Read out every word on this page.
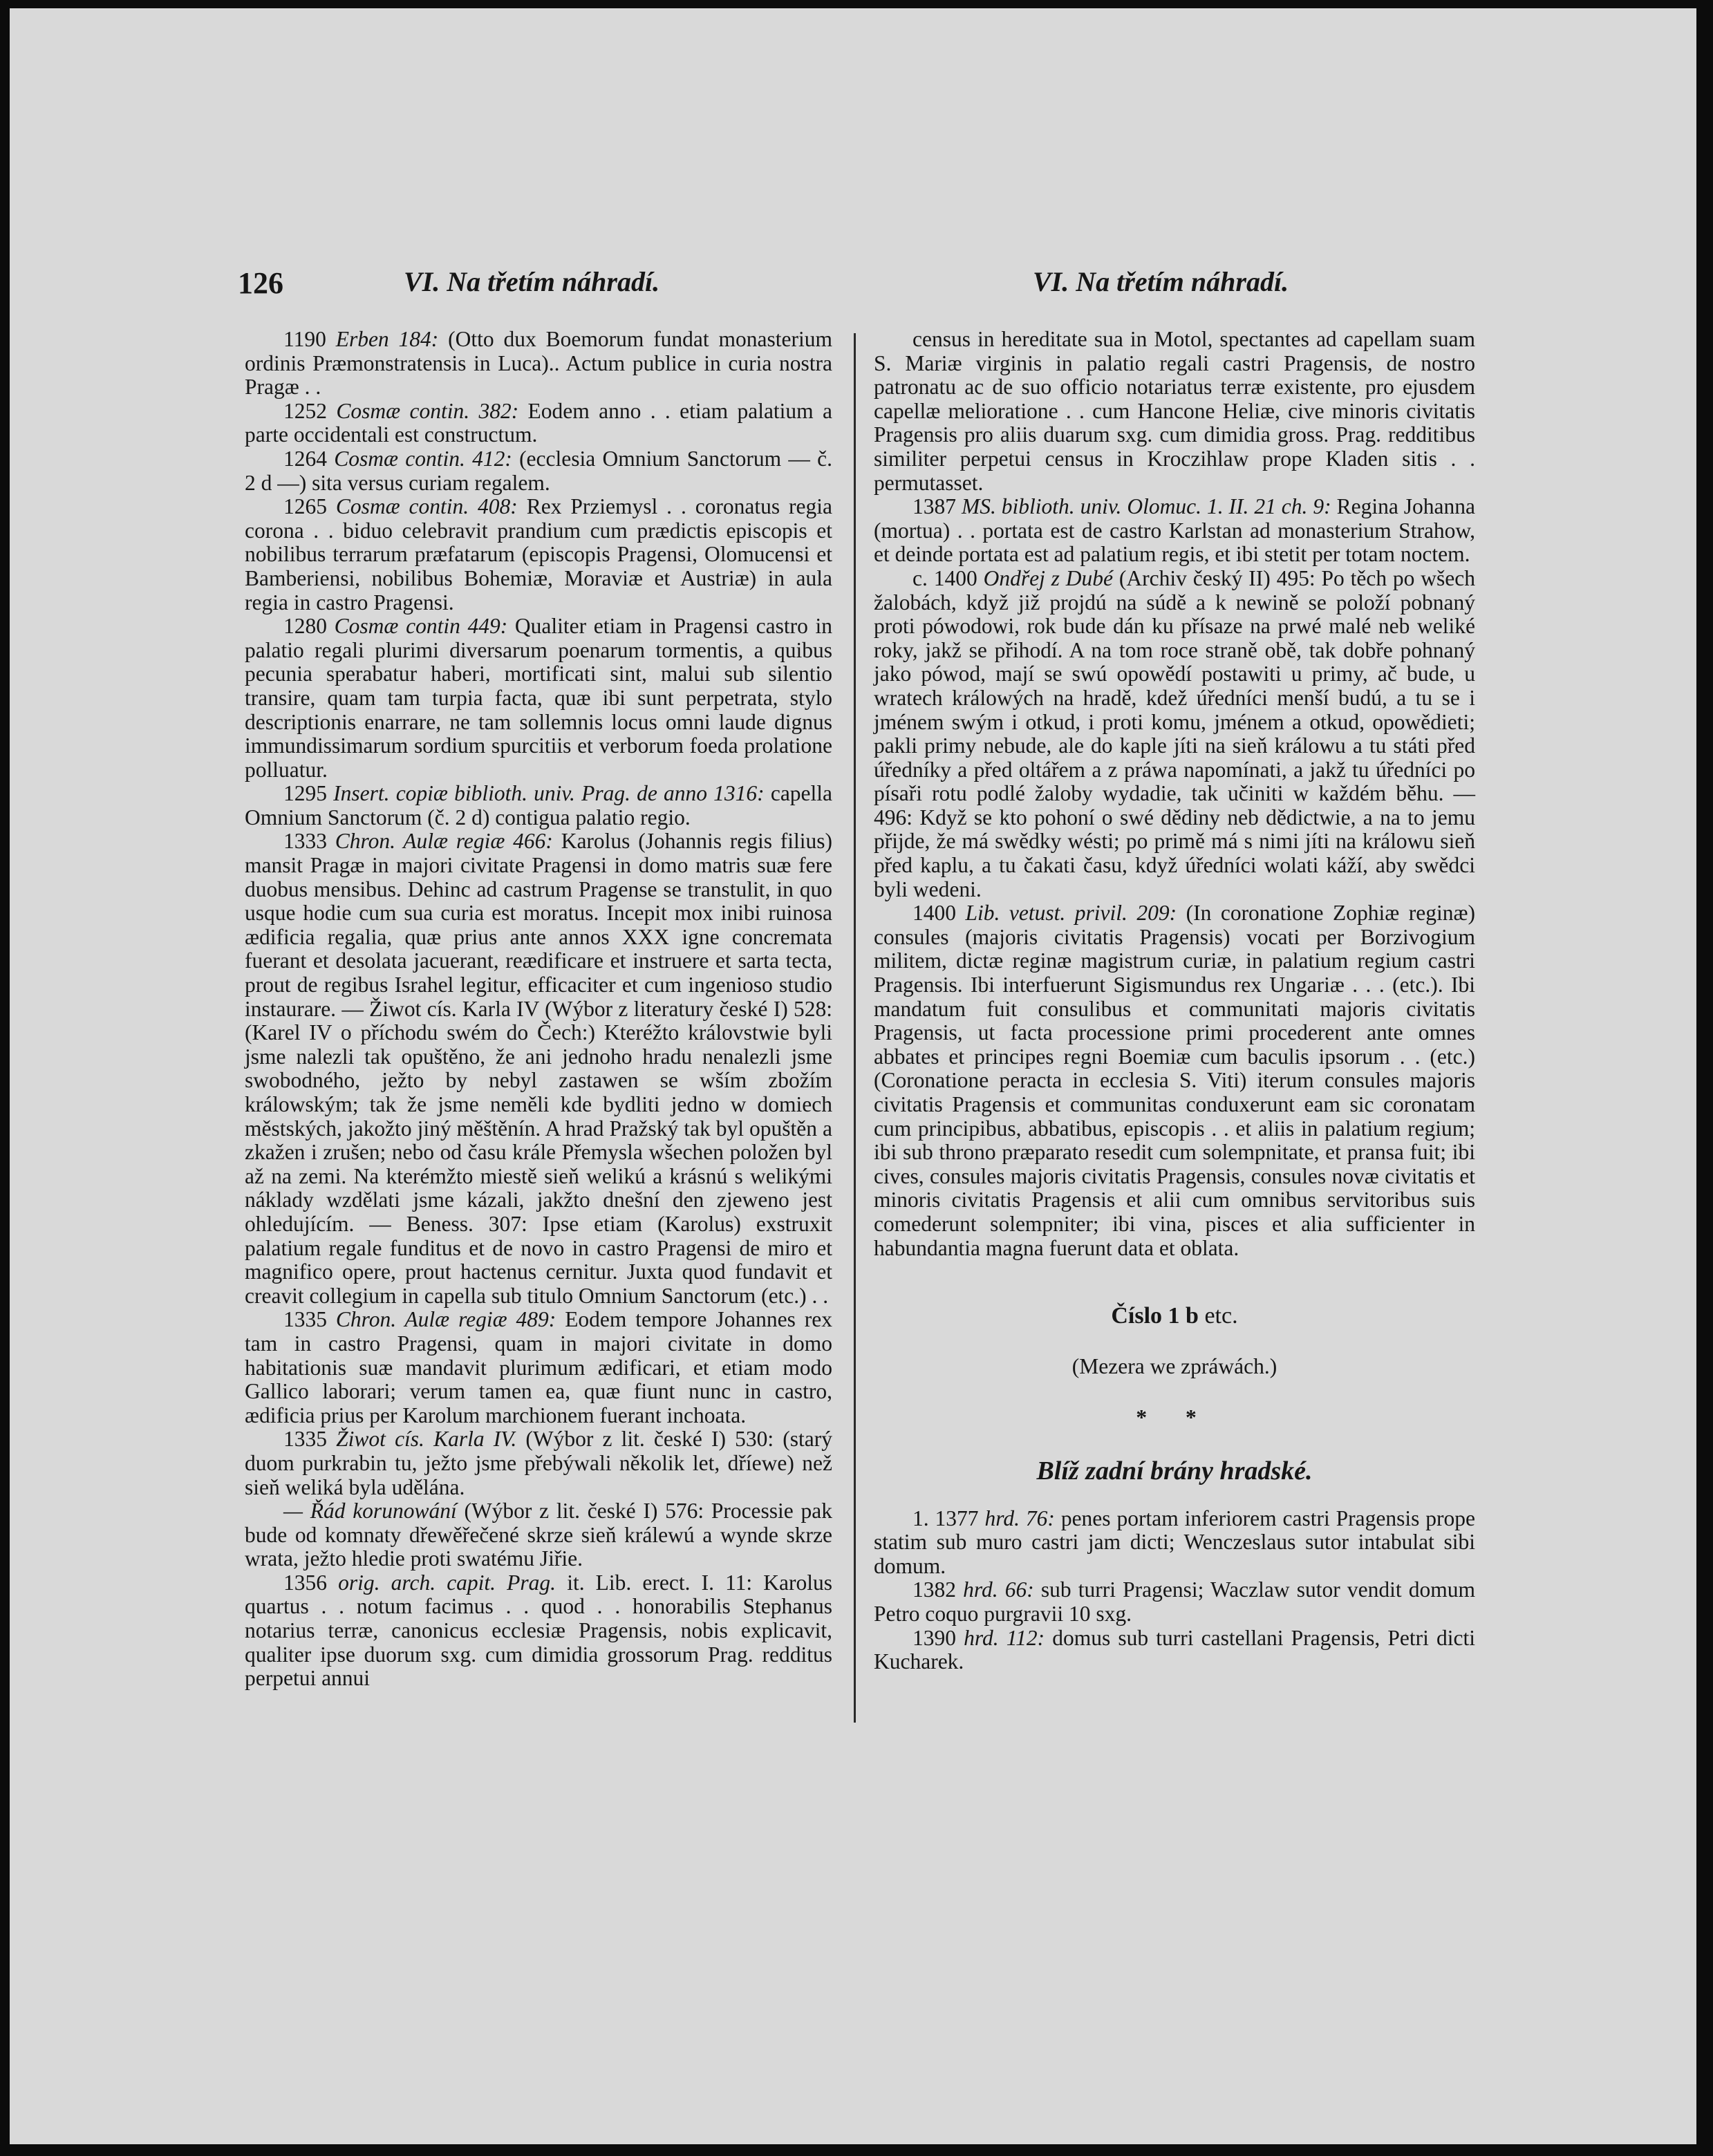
126	VI. Na třetím náhradí.	VI. Na třetím náhradí.

1190 Erben 184: (Otto dux Boemorum fundat monasterium ordinis Præmonstratensis in Luca).. Actum publice in curia nostra Pragæ . .

1252 Cosmæ contin. 382: Eodem anno . . etiam palatium a parte occidentali est constructum.

1264 Cosmæ contin. 412: (ecclesia Omnium Sanctorum — č. 2 d —) sita versus curiam regalem.

1265 Cosmæ contin. 408: Rex Prziemysl . . coronatus regia corona . . biduo celebravit prandium cum prædictis episcopis et nobilibus terrarum præfatarum (episcopis Pragensi, Olomucensi et Bamberiensi, nobilibus Bohemiæ, Moraviæ et Austriæ) in aula regia in castro Pragensi.

1280 Cosmæ contin 449: Qualiter etiam in Pragensi castro in palatio regali plurimi diversarum poenarum tormentis, a quibus pecunia sperabatur haberi, mortificati sint, malui sub silentio transire, quam tam turpia facta, quæ ibi sunt perpetrata, stylo descriptionis enarrare, ne tam sollemnis locus omni laude dignus immundissimarum sordium spurcitiis et verborum foeda prolatione polluatur.

1295 Insert. copiæ biblioth. univ. Prag. de anno 1316: capella Omnium Sanctorum (č. 2 d) contigua palatio regio.

1333 Chron. Aulæ regiæ 466: Karolus (Johannis regis filius) mansit Pragæ in majori civitate Pragensi in domo matris suæ fere duobus mensibus. Dehinc ad castrum Pragense se transtulit, in quo usque hodie cum sua curia est moratus. Incepit mox inibi ruinosa ædificia regalia, quæ prius ante annos XXX igne concremata fuerant et desolata jacuerant, reædificare et instruere et sarta tecta, prout de regibus Israhel legitur, efficaciter et cum ingenioso studio instaurare. — Žiwot cís. Karla IV (Wýbor z literatury české I) 528: (Karel IV o příchodu swém do Čech:) Kteréžto královstwie byli jsme nalezli tak opuštěno, že ani jednoho hradu nenalezli jsme swobodného, ježto by nebyl zastawen se wším zbožím králowským; tak že jsme neměli kde bydliti jedno w domiech městských, jakožto jiný měštěnín. A hrad Pražský tak byl opuštěn a zkažen i zrušen; nebo od času krále Přemysla wšechen položen byl až na zemi. Na kterémžto miestě sieň welikú a krásnú s welikými náklady wzdělati jsme kázali, jakžto dnešní den zjeweno jest ohledujícím. — Beness. 307: Ipse etiam (Karolus) exstruxit palatium regale funditus et de novo in castro Pragensi de miro et magnifico opere, prout hactenus cernitur. Juxta quod fundavit et creavit collegium in capella sub titulo Omnium Sanctorum (etc.) . .

1335 Chron. Aulæ regiæ 489: Eodem tempore Johannes rex tam in castro Pragensi, quam in majori civitate in domo habitationis suæ mandavit plurimum ædificari, et etiam modo Gallico laborari; verum tamen ea, quæ fiunt nunc in castro, ædificia prius per Karolum marchionem fuerant inchoata.

1335 Žiwot cís. Karla IV. (Wýbor z lit. české I) 530: (starý duom purkrabin tu, ježto jsme přebýwali několik let, dříewe) než sieň weliká byla udělána.

— Řád korunowání (Wýbor z lit. české I) 576: Processie pak bude od komnaty dřewěřečené skrze sieň králewú a wynde skrze wrata, ježto hledie proti swatému Jiřie.

1356 orig. arch. capit. Prag. it. Lib. erect. I. 11: Karolus quartus . . notum facimus . . quod . . honorabilis Stephanus notarius terræ, canonicus ecclesiæ Pragensis, nobis explicavit, qualiter ipse duorum sxg. cum dimidia grossorum Prag. redditus perpetui annui

census in hereditate sua in Motol, spectantes ad capellam suam S. Mariæ virginis in palatio regali castri Pragensis, de nostro patronatu ac de suo officio notariatus terræ existente, pro ejusdem capellæ melioratione . . cum Hancone Heliæ, cive minoris civitatis Pragensis pro aliis duarum sxg. cum dimidia gross. Prag. redditibus similiter perpetui census in Kroczihlaw prope Kladen sitis . . permutasset.

1387 MS. biblioth. univ. Olomuc. 1. II. 21 ch. 9: Regina Johanna (mortua) . . portata est de castro Karlstan ad monasterium Strahow, et deinde portata est ad palatium regis, et ibi stetit per totam noctem.

c. 1400 Ondřej z Dubé (Archiv český II) 495: Po těch po wšech žalobách, když již projdú na súdě a k newině se položí pobnaný proti pówodowi, rok bude dán ku přísaze na prwé malé neb weliké roky, jakž se přihodí. A na tom roce straně obě, tak dobře pohnaný jako pówod, mají se swú opowědí postawiti u primy, ač bude, u wratech králowých na hradě, kdež úředníci menší budú, a tu se i jménem swým i otkud, i proti komu, jménem a otkud, opowědieti; pakli primy nebude, ale do kaple jíti na sieň králowu a tu státi před úředníky a před oltářem a z práwa napomínati, a jakž tu úředníci po písaři rotu podlé žaloby wydadie, tak učiniti w každém běhu. — 496: Když se kto pohoní o swé dědiny neb dědictwie, a na to jemu přijde, že má swědky wésti; po primě má s nimi jíti na králowu sieň před kaplu, a tu čakati času, když úředníci wolati káží, aby swědci byli wedeni.

1400 Lib. vetust. privil. 209: (In coronatione Zophiæ reginæ) consules (majoris civitatis Pragensis) vocati per Borzivogium militem, dictæ reginæ magistrum curiæ, in palatium regium castri Pragensis. Ibi interfuerunt Sigismundus rex Ungariæ . . . (etc.). Ibi mandatum fuit consulibus et communitati majoris civitatis Pragensis, ut facta processione primi procederent ante omnes abbates et principes regni Boemiæ cum baculis ipsorum . . (etc.) (Coronatione peracta in ecclesia S. Viti) iterum consules majoris civitatis Pragensis et communitas conduxerunt eam sic coronatam cum principibus, abbatibus, episcopis . . et aliis in palatium regium; ibi sub throno præparato resedit cum solempnitate, et pransa fuit; ibi cives, consules majoris civitatis Pragensis, consules novæ civitatis et minoris civitatis Pragensis et alii cum omnibus servitoribus suis comederunt solempniter; ibi vina, pisces et alia sufficienter in habundantia magna fuerunt data et oblata.

Číslo 1 b etc.

(Mezera we zpráwách.)

* *

Blíž zadní brány hradské.

1. 1377 hrd. 76: penes portam inferiorem castri Pragensis prope statim sub muro castri jam dicti; Wenczeslaus sutor intabulat sibi domum.

1382 hrd. 66: sub turri Pragensi; Waczlaw sutor vendit domum Petro coquo purgravii 10 sxg.

1390 hrd. 112: domus sub turri castellani Pragensis, Petri dicti Kucharek.
